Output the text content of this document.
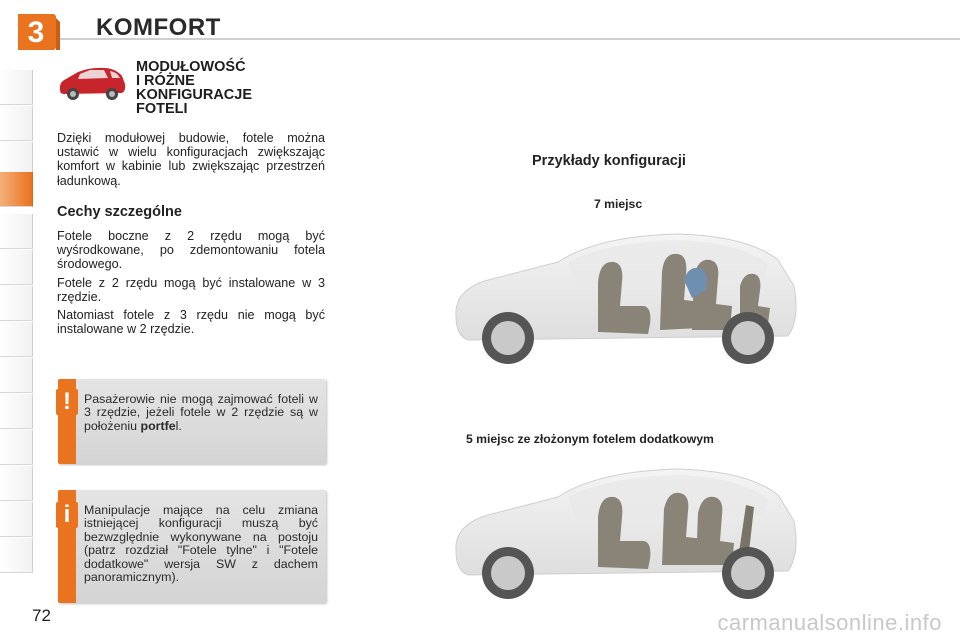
3 KOMFORT
72
MODUŁOWOŚĆ
I RÓŻNE
KONFIGURACJE
FOTELI
Dzięki modułowej budowie, fotele można ustawić w wielu konfiguracjach zwiększając komfort w kabinie lub zwiększając przestrzeń ładunkową.
Cechy szczególne

Fotele boczne z 2 rzędu mogą być wyśrodkowane, po zdemontowaniu fotela środowego.

Fotele z 2 rzędu mogą być instalowane w 3 rzędzie.

Natomiast fotele z 3 rzędu nie mogą być instalowane w 2 rzędzie.

!	Pasażerowie nie mogą zajmować foteli w 3 rzędzie, jeżeli fotele w 2 rzędzie są w położeniu portfel.
i	Manipulacje mające na celu zmiana istniejącej konfiguracji muszą być bezwzględnie wykonywane na postoju (patrz rozdział "Fotele tylne" i "Fotele dodatkowe" wersja SW z dachem panoramicznym).
Przykłady konfiguracji
7 miejsc
5 miejsc ze złożonym fotelem dodatkowym
carmanualsonline.info
